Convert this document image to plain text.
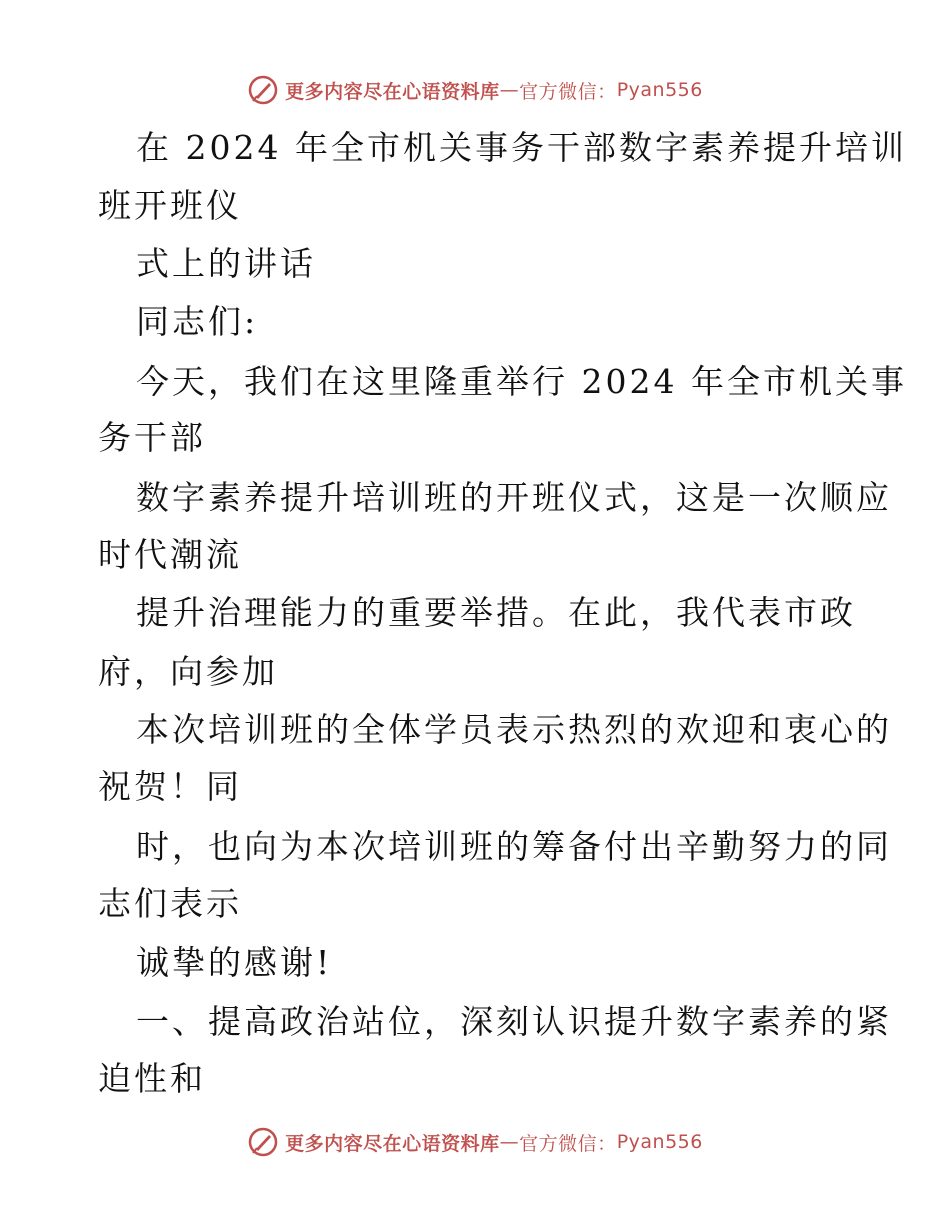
更多内容尽在心语资料库 — 官方微信： Pyan556
在 2024 年全市机关事务干部数字素养提升培训
班开班仪
式上的讲话
同志们:
今天，我们在这里隆重举行 2024 年全市机关事
务干部
数字素养提升培训班的开班仪式，这是一次顺应
时代潮流
提升治理能力的重要举措。在此，我代表市政
府，向参加
本次培训班的全体学员表示热烈的欢迎和衷心的
祝贺！同
时，也向为本次培训班的筹备付出辛勤努力的同
志们表示
诚挚的感谢!
一、提高政治站位，深刻认识提升数字素养的紧
迫性和
更多内容尽在心语资料库 — 官方微信： Pyan556
